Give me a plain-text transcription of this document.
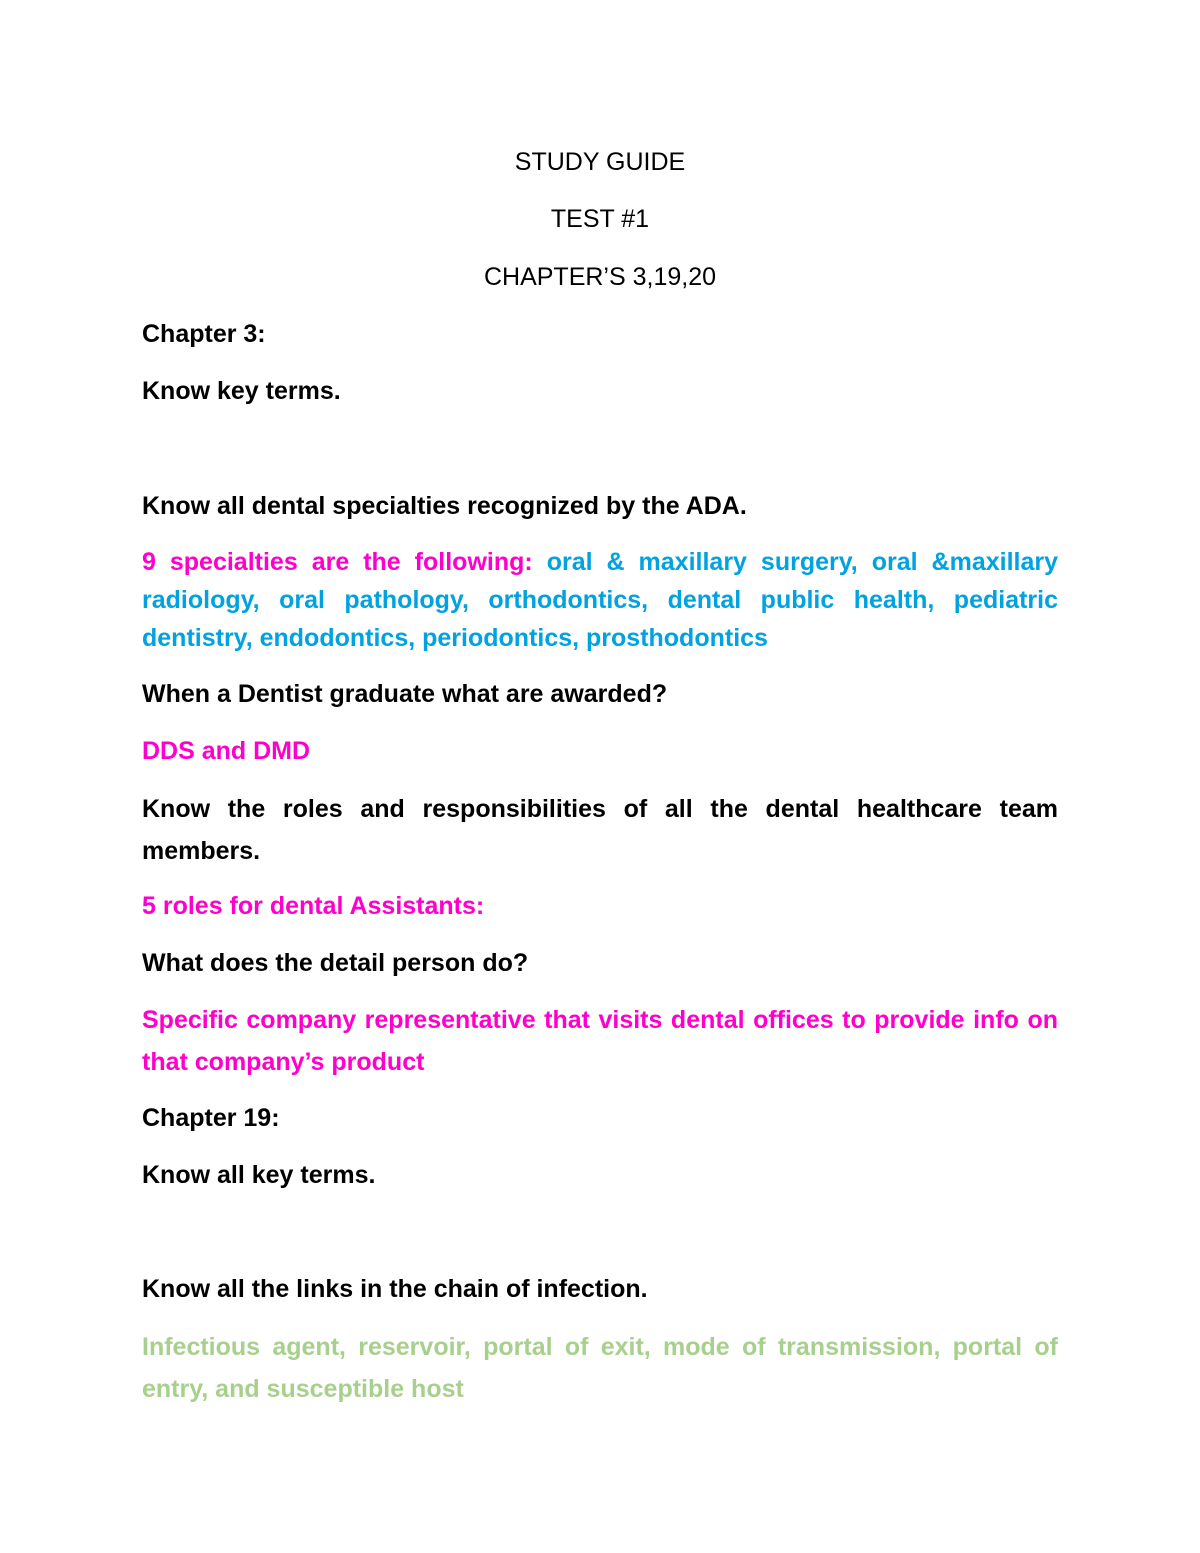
STUDY GUIDE
TEST #1
CHAPTER’S 3,19,20
Chapter 3:
Know key terms.
Know all dental specialties recognized by the ADA.
9 specialties are the following: oral & maxillary surgery, oral &maxillary radiology, oral pathology, orthodontics, dental public health, pediatric dentistry, endodontics, periodontics, prosthodontics
When a Dentist graduate what are awarded?
DDS and DMD
Know the roles and responsibilities of all the dental healthcare team members.
5 roles for dental Assistants:
What does the detail person do?
Specific company representative that visits dental offices to provide info on that company’s product
Chapter 19:
Know all key terms.
Know all the links in the chain of infection.
Infectious agent, reservoir, portal of exit, mode of transmission, portal of entry, and susceptible host
